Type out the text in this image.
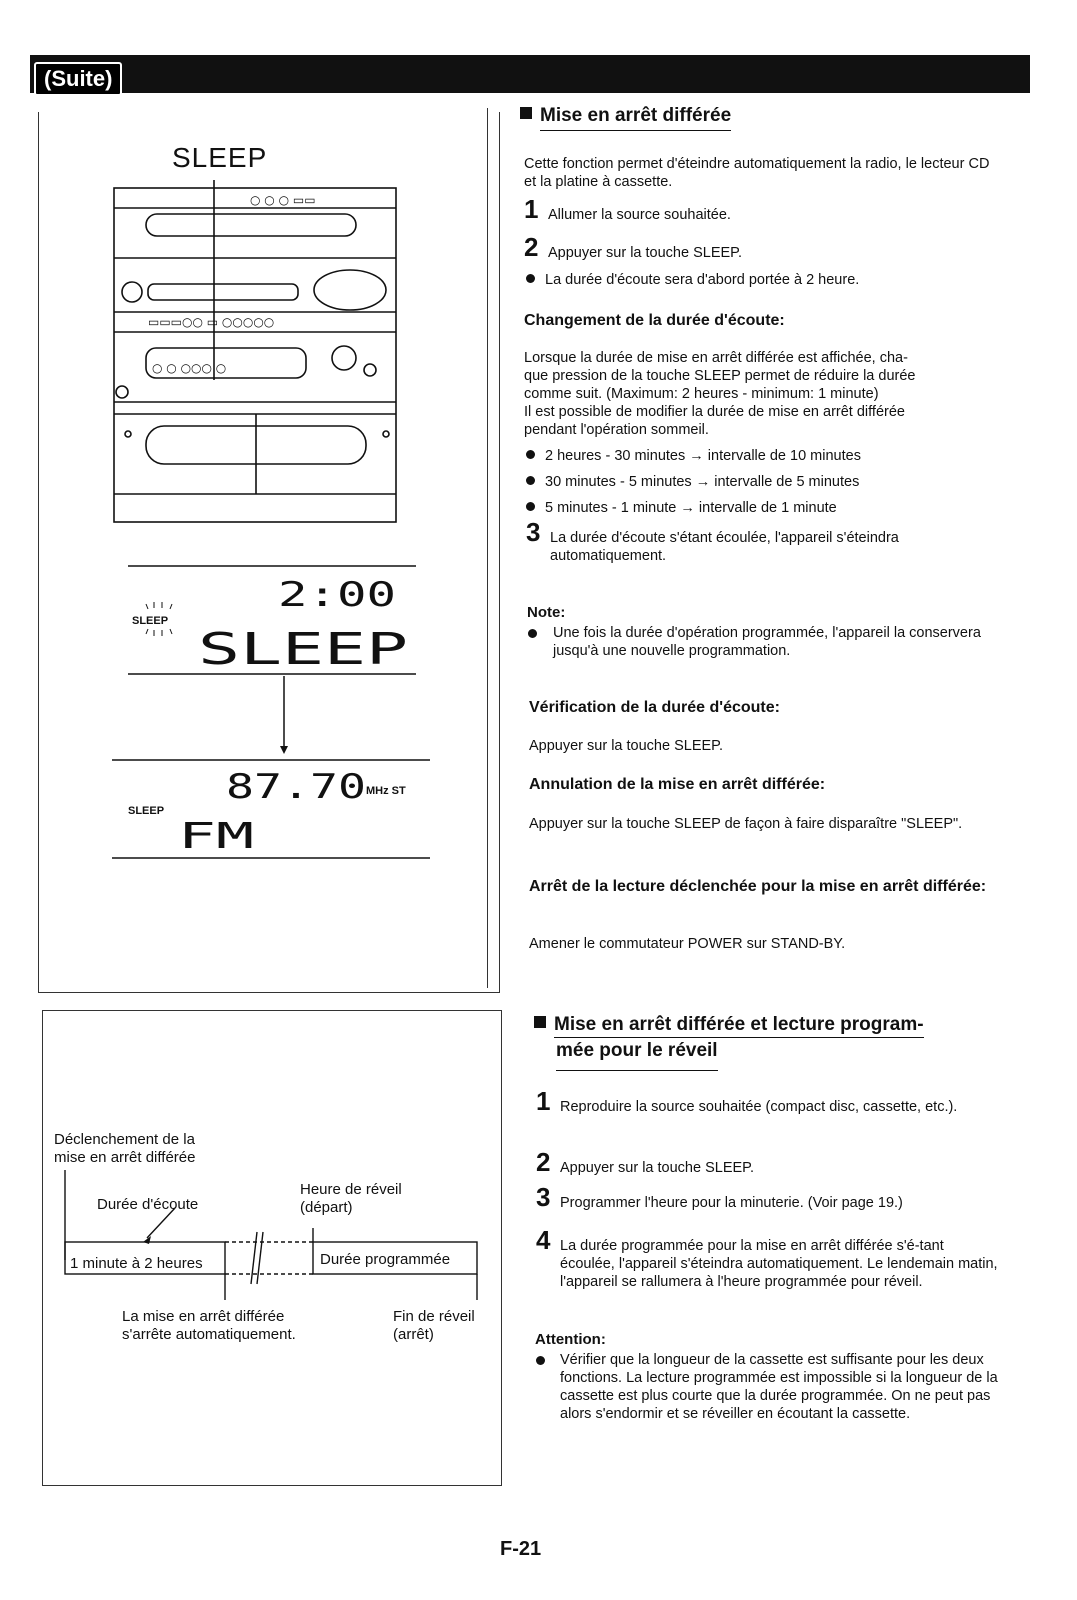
(Suite)
SLEEP
○ ○ ○ ▭▭
▭▭▭○○ ▭ ○○○○○
○ ○ ○○○ ○
2:00
SLEEP
SLEEP
87.70 MHz ST
FM
SLEEP
Mise en arrêt différée
Cette fonction permet d'éteindre automatiquement la radio, le lecteur CD et la platine à cassette.
1 Allumer la source souhaitée.
2 Appuyer sur la touche SLEEP.
La durée d'écoute sera d'abord portée à 2 heure.
Changement de la durée d'écoute:
Lorsque la durée de mise en arrêt différée est affichée, cha-
que pression de la touche SLEEP permet de réduire la durée
comme suit. (Maximum: 2 heures - minimum: 1 minute)
Il est possible de modifier la durée de mise en arrêt différée
pendant l'opération sommeil.
2 heures - 30 minutes → intervalle de 10 minutes
30 minutes - 5 minutes → intervalle de 5 minutes
5 minutes - 1 minute → intervalle de 1 minute
3 La durée d'écoute s'étant écoulée, l'appareil s'éteindra automatiquement.
Note:
Une fois la durée d'opération programmée, l'appareil la conservera jusqu'à une nouvelle programmation.
Vérification de la durée d'écoute:
Appuyer sur la touche SLEEP.
Annulation de la mise en arrêt différée:
Appuyer sur la touche SLEEP de façon à faire disparaître "SLEEP".
Arrêt de la lecture déclenchée pour la mise en arrêt différée:
Amener le commutateur POWER sur STAND-BY.
Déclenchement de la mise en arrêt différée
Durée d'écoute
Heure de réveil (départ)
1 minute à 2 heures	Durée programmée
La mise en arrêt différée s'arrête automatiquement.
Fin de réveil (arrêt)
Mise en arrêt différée et lecture program- mée pour le réveil
1 Reproduire la source souhaitée (compact disc, cassette, etc.).
2 Appuyer sur la touche SLEEP.
3 Programmer l'heure pour la minuterie. (Voir page 19.)
4 La durée programmée pour la mise en arrêt différée s'é-tant écoulée, l'appareil s'éteindra automatiquement. Le lendemain matin, l'appareil se rallumera à l'heure programmée pour réveil.
Attention:
Vérifier que la longueur de la cassette est suffisante pour les deux fonctions. La lecture programmée est impossible si la longueur de la cassette est plus courte que la durée programmée. On ne peut pas alors s'endormir et se réveiller en écoutant la cassette.
F-21
